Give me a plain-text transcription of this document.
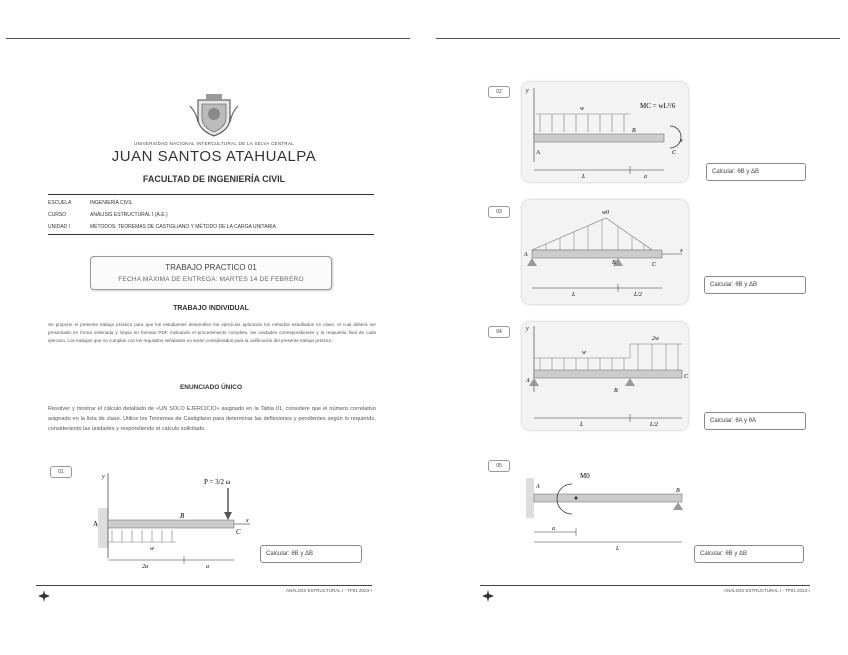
UNIVERSIDAD NACIONAL INTERCULTURAL DE LA SELVA CENTRAL
JUAN SANTOS ATAHUALPA
FACULTAD DE INGENIERÍA CIVIL
ESCUELA	INGENIERÍA CIVIL
CURSO	ANÁLISIS ESTRUCTURAL I (A.E.)
UNIDAD I	MÉTODOS: TEOREMAS DE CASTIGLIANO Y MÉTODO DE LA CARGA UNITARIA
TRABAJO PRACTICO 01
FECHA MÁXIMA DE ENTREGA: MARTES 14 DE FEBRERO
TRABAJO INDIVIDUAL
Se propone el presente trabajo práctico para que los estudiantes desarrollen los ejercicios aplicando los métodos estudiados en clase, el cual deberá ser presentado en forma ordenada y limpia en formato PDF, indicando el procedimiento completo, las unidades correspondientes y la respuesta final de cada ejercicio. Los trabajos que no cumplan con los requisitos señalados no serán considerados para la calificación del presente trabajo práctico.
ENUNCIADO ÚNICO
Resolver y mostrar el cálculo detallado de «UN SOLO EJERCICIO» asignado en la Tabla 01, considere que el número correlativo asignado en la lista de clase. Utilice los Teoremas de Castigliano para determinar las deflexiones y pendientes según lo requerido, considerando las unidades y respondiendo el cálculo solicitado.
01
A
B
C
w
x
y
P = 3/2 ω
2a	a
Calcular: θB y ΔB
ANÁLISIS ESTRUCTURAL I - TP01 2023-I
02
A
B
C
w
x
y
L	a
MC = wL²/6
Calcular: θB y ΔB
03
A
B	C
x
L	L/2
w0
Calcular: θB y ΔB
04
A
B
C
w
y
L	L/2
2w
Calcular: θA y θA
05
A
B
a
L
M0
Calcular: θB y ΔB
ANÁLISIS ESTRUCTURAL I - TP01 2023-I
